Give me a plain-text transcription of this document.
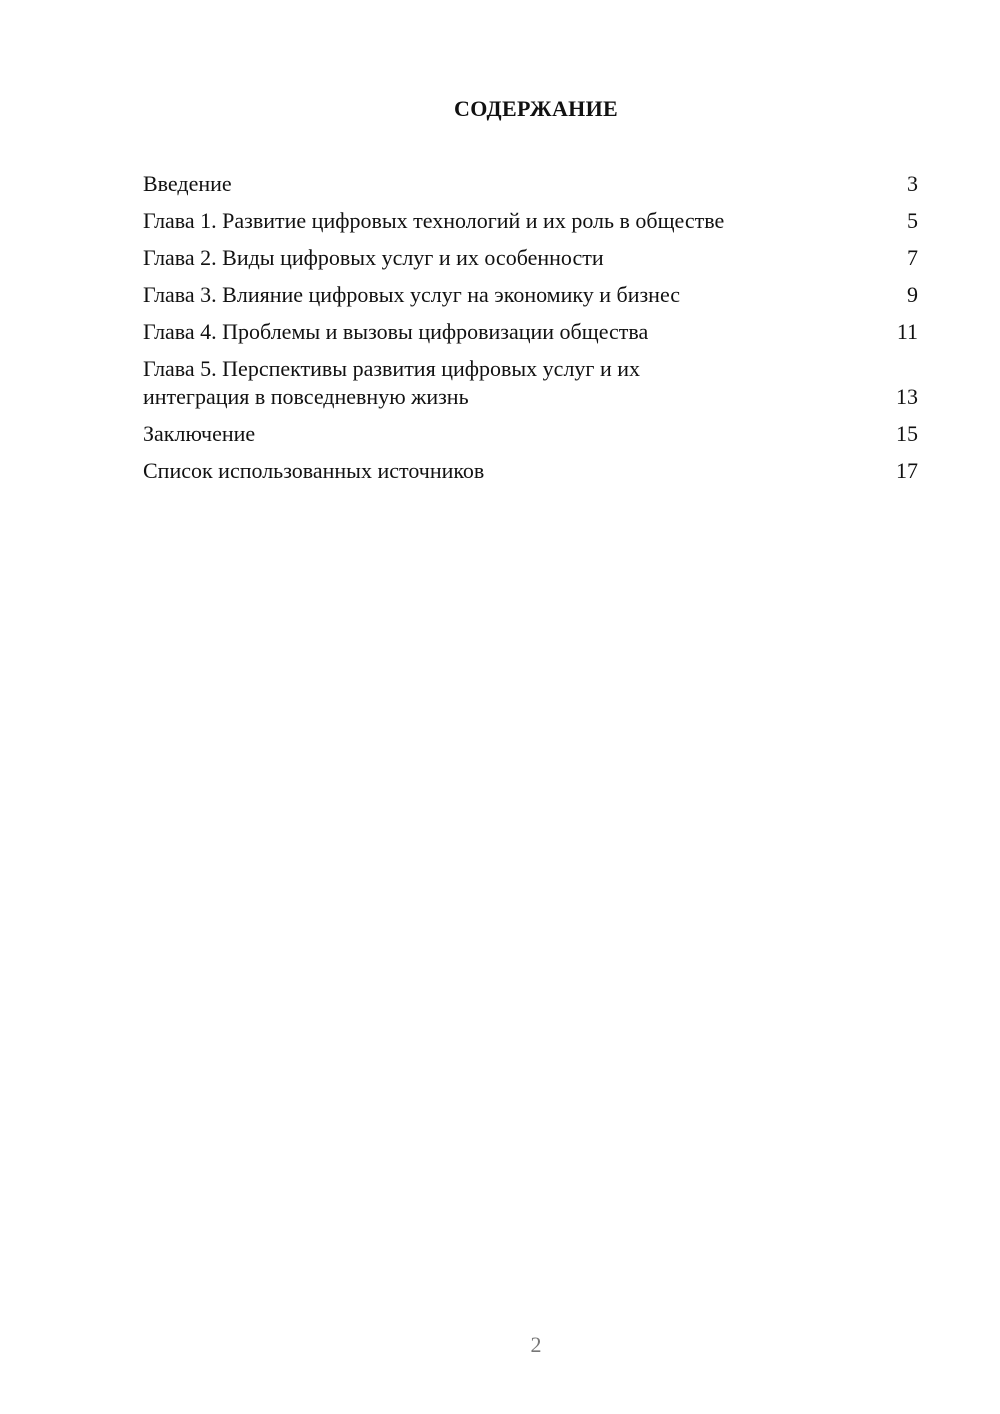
СОДЕРЖАНИЕ
Введение	3
Глава 1. Развитие цифровых технологий и их роль в обществе	5
Глава 2. Виды цифровых услуг и их особенности	7
Глава 3. Влияние цифровых услуг на экономику и бизнес	9
Глава 4. Проблемы и вызовы цифровизации общества	11
Глава 5. Перспективы развития цифровых услуг и их
интеграция в повседневную жизнь	13
Заключение	15
Список использованных источников	17
2
